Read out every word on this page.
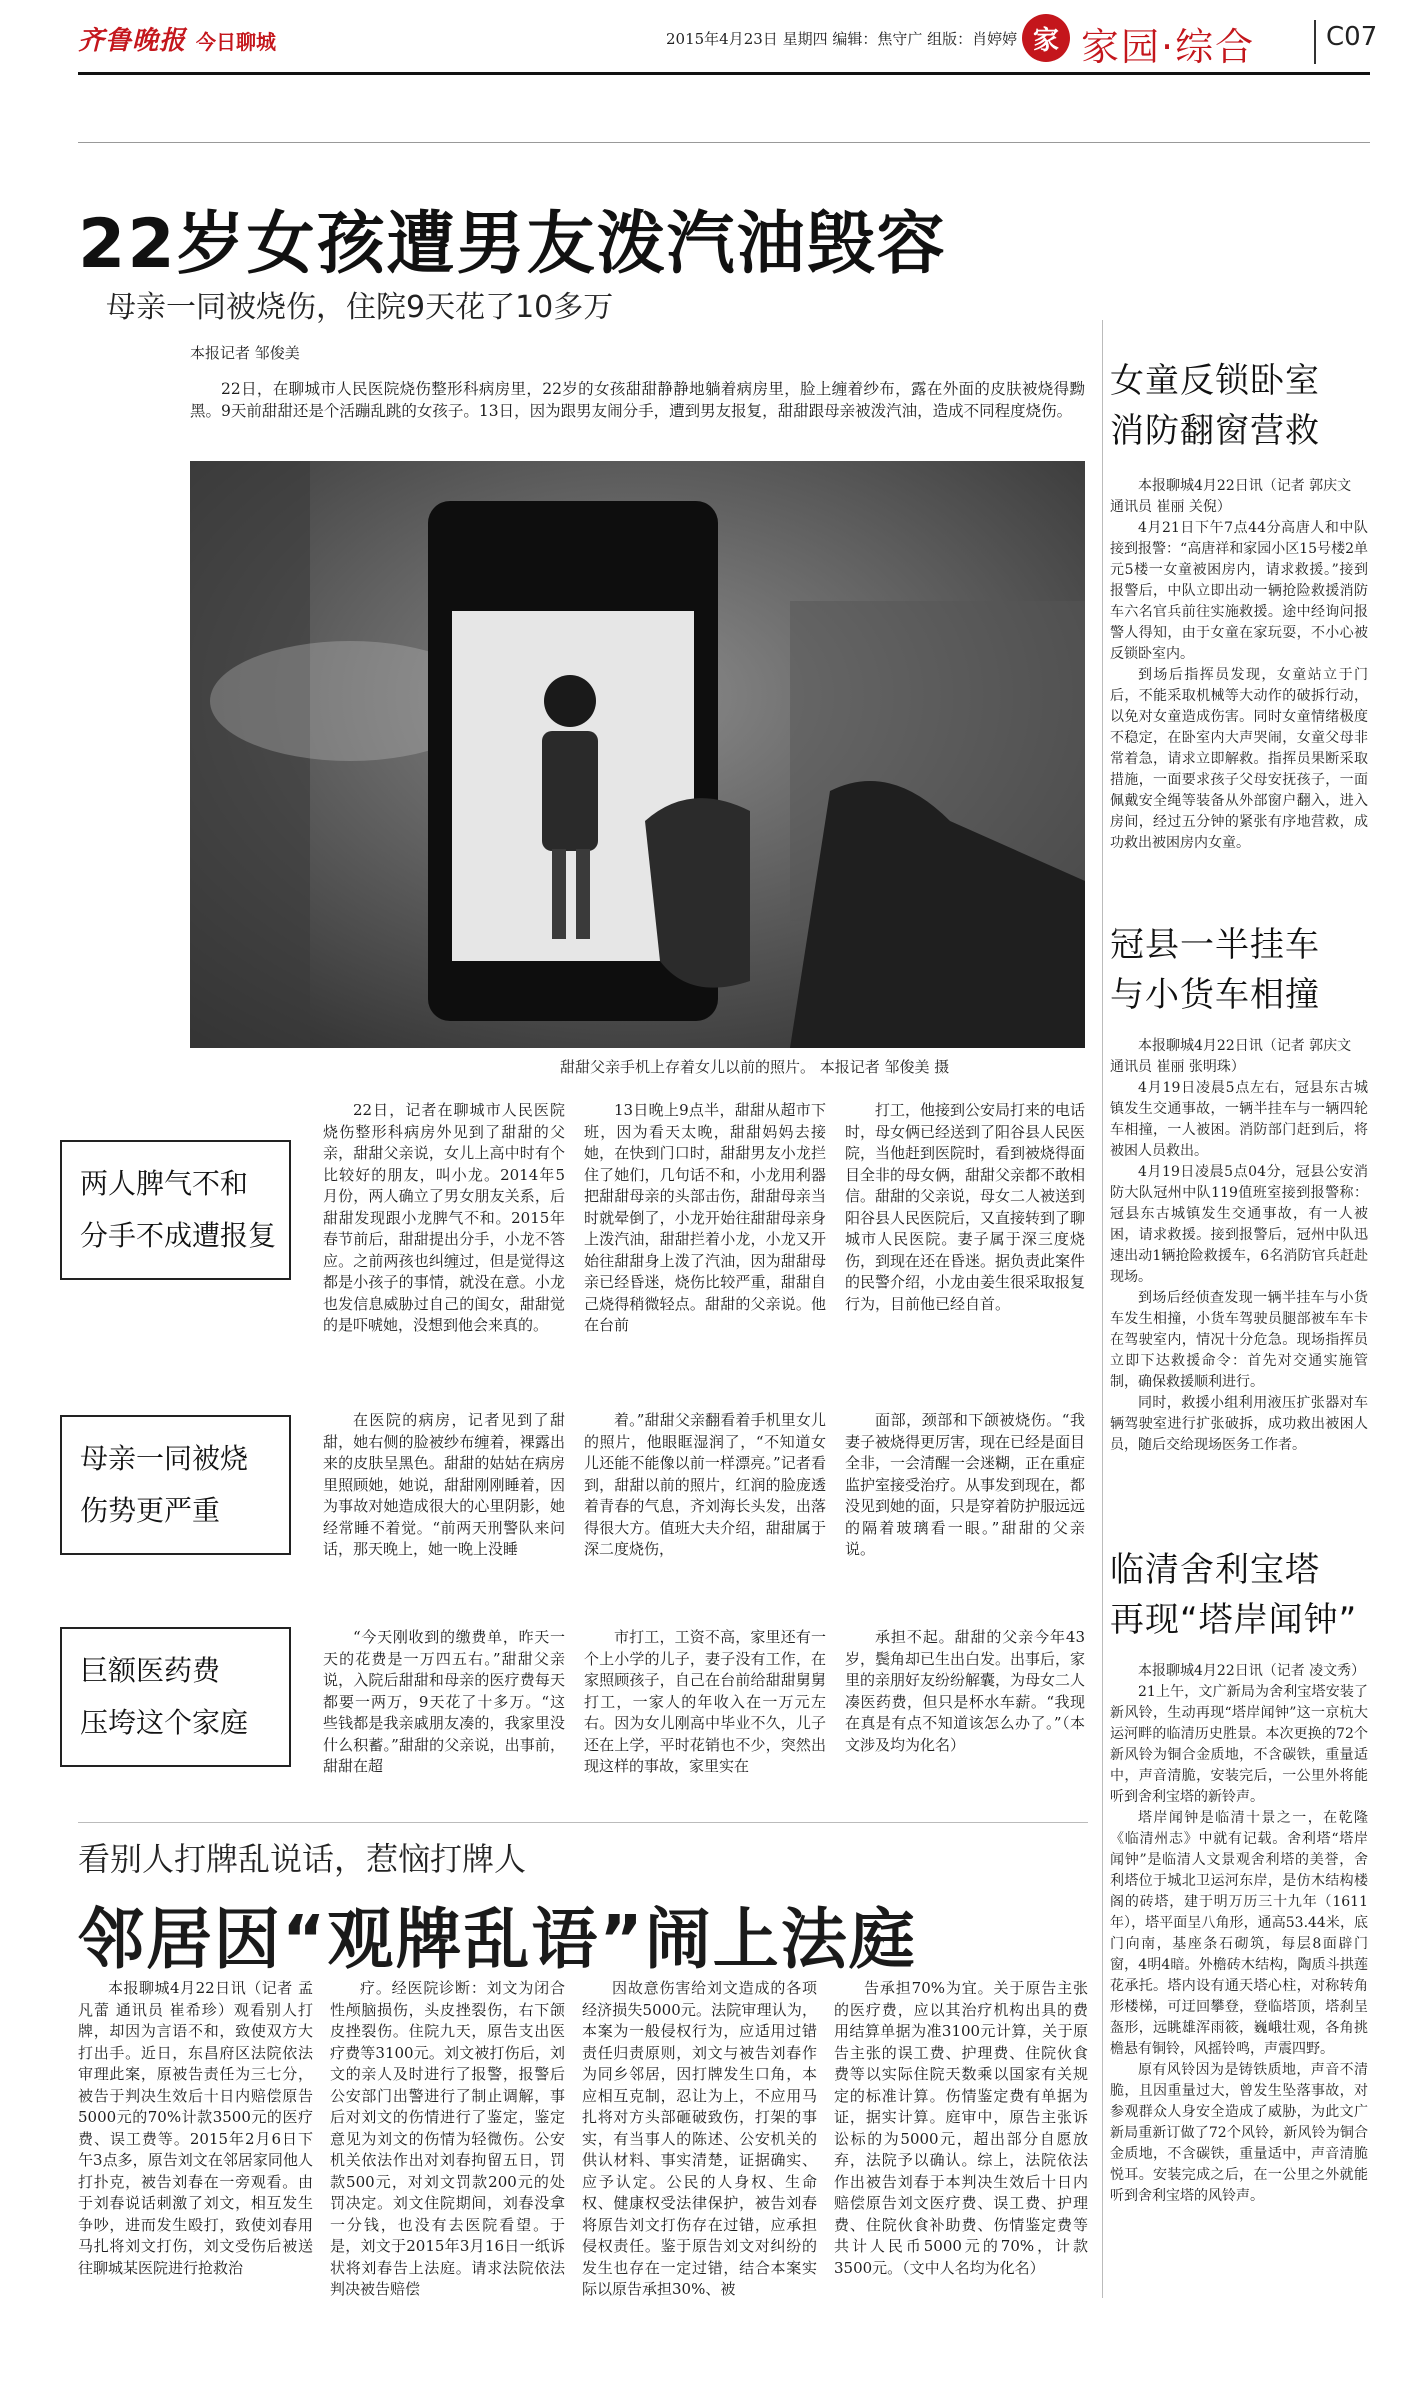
齐鲁晚报 今日聊城	2015年4月23日 星期四 编辑：焦守广 组版：肖婷婷 家 家园·综合	C07
22岁女孩遭男友泼汽油毁容
母亲一同被烧伤，住院9天花了10多万
本报记者 邹俊美
22日，在聊城市人民医院烧伤整形科病房里，22岁的女孩甜甜静静地躺着病房里，脸上缠着纱布，露在外面的皮肤被烧得黝黑。9天前甜甜还是个活蹦乱跳的女孩子。13日，因为跟男友闹分手，遭到男友报复，甜甜跟母亲被泼汽油，造成不同程度烧伤。
甜甜父亲手机上存着女儿以前的照片。 本报记者 邹俊美 摄
两人脾气不和
分手不成遭报复
22日，记者在聊城市人民医院烧伤整形科病房外见到了甜甜的父亲，甜甜父亲说，女儿上高中时有个比较好的朋友，叫小龙。2014年5月份，两人确立了男女朋友关系，后甜甜发现跟小龙脾气不和。2015年春节前后，甜甜提出分手，小龙不答应。之前两孩也纠缠过，但是觉得这都是小孩子的事情，就没在意。小龙也发信息威胁过自己的闺女，甜甜觉的是吓唬她，没想到他会来真的。
13日晚上9点半，甜甜从超市下班，因为看天太晚，甜甜妈妈去接她，在快到门口时，甜甜男友小龙拦住了她们，几句话不和，小龙用利器把甜甜母亲的头部击伤，甜甜母亲当时就晕倒了，小龙开始往甜甜母亲身上泼汽油，甜甜拦着小龙，小龙又开始往甜甜身上泼了汽油，因为甜甜母亲已经昏迷，烧伤比较严重，甜甜自己烧得稍微轻点。甜甜的父亲说。他在台前
打工，他接到公安局打来的电话时，母女俩已经送到了阳谷县人民医院，当他赶到医院时，看到被烧得面目全非的母女俩，甜甜父亲都不敢相信。甜甜的父亲说，母女二人被送到阳谷县人民医院后，又直接转到了聊城市人民医院。妻子属于深三度烧伤，到现在还在昏迷。据负责此案件的民警介绍，小龙由姜生很采取报复行为，目前他已经自首。
母亲一同被烧
伤势更严重
在医院的病房，记者见到了甜甜，她右侧的脸被纱布缠着，裸露出来的皮肤呈黑色。甜甜的姑姑在病房里照顾她，她说，甜甜刚刚睡着，因为事故对她造成很大的心里阴影，她经常睡不着觉。“前两天刑警队来问话，那天晚上，她一晚上没睡
着。”甜甜父亲翻看着手机里女儿的照片，他眼眶湿润了，“不知道女儿还能不能像以前一样漂亮。”记者看到，甜甜以前的照片，红润的脸庞透着青春的气息，齐刘海长头发，出落得很大方。值班大夫介绍，甜甜属于深二度烧伤，
面部，颈部和下颌被烧伤。“我妻子被烧得更厉害，现在已经是面目全非，一会清醒一会迷糊，正在重症监护室接受治疗。从事发到现在，都没见到她的面，只是穿着防护服远远的隔着玻璃看一眼。”甜甜的父亲说。
巨额医药费
压垮这个家庭
“今天刚收到的缴费单，昨天一天的花费是一万四五右。”甜甜父亲说，入院后甜甜和母亲的医疗费每天都要一两万，9天花了十多万。“这些钱都是我亲戚朋友凑的，我家里没什么积蓄。”甜甜的父亲说，出事前，甜甜在超
市打工，工资不高，家里还有一个上小学的儿子，妻子没有工作，在家照顾孩子，自己在台前给甜甜舅舅打工，一家人的年收入在一万元左右。因为女儿刚高中毕业不久，儿子还在上学，平时花销也不少，突然出现这样的事故，家里实在
承担不起。甜甜的父亲今年43岁，鬓角却已生出白发。出事后，家里的亲朋好友纷纷解囊，为母女二人凑医药费，但只是杯水车薪。“我现在真是有点不知道该怎么办了。”（本文涉及均为化名）
看别人打牌乱说话，惹恼打牌人
邻居因“观牌乱语”闹上法庭
本报聊城4月22日讯（记者 孟凡蕾 通讯员 崔希珍）观看别人打牌，却因为言语不和，致使双方大打出手。近日，东昌府区法院依法审理此案，原被告责任为三七分，被告于判决生效后十日内赔偿原告5000元的70%计款3500元的医疗费、误工费等。2015年2月6日下午3点多，原告刘文在邻居家同他人打扑克，被告刘春在一旁观看。由于刘春说话刺激了刘文，相互发生争吵，进而发生殴打，致使刘春用马扎将刘文打伤，刘文受伤后被送往聊城某医院进行抢救治
疗。经医院诊断：刘文为闭合性颅脑损伤，头皮挫裂伤，右下颌皮挫裂伤。住院九天，原告支出医疗费等3100元。刘文被打伤后，刘文的亲人及时进行了报警，报警后公安部门出警进行了制止调解，事后对刘文的伤情进行了鉴定，鉴定意见为刘文的伤情为轻微伤。公安机关依法作出对刘春拘留五日，罚款500元，对刘文罚款200元的处罚决定。刘文住院期间，刘春没拿一分钱，也没有去医院看望。于是，刘文于2015年3月16日一纸诉状将刘春告上法庭。请求法院依法判决被告赔偿
因故意伤害给刘文造成的各项经济损失5000元。法院审理认为，本案为一般侵权行为，应适用过错责任归责原则，刘文与被告刘春作为同乡邻居，因打牌发生口角，本应相互克制，忍让为上，不应用马扎将对方头部砸破致伤，打架的事实，有当事人的陈述、公安机关的供认材料、事实清楚，证据确实、应予认定。公民的人身权、生命权、健康权受法律保护，被告刘春将原告刘文打伤存在过错，应承担侵权责任。鉴于原告刘文对纠纷的发生也存在一定过错，结合本案实际以原告承担30%、被
告承担70%为宜。关于原告主张的医疗费，应以其治疗机构出具的费用结算单据为准3100元计算，关于原告主张的误工费、护理费、住院伙食费等以实际住院天数乘以国家有关规定的标准计算。伤情鉴定费有单据为证，据实计算。庭审中，原告主张诉讼标的为5000元，超出部分自愿放弃，法院予以确认。综上，法院依法作出被告刘春于本判决生效后十日内赔偿原告刘文医疗费、误工费、护理费、住院伙食补助费、伤情鉴定费等共计人民币5000元的70%，计款3500元。（文中人名均为化名）
女童反锁卧室
消防翻窗营救
本报聊城4月22日讯（记者 郭庆文 通讯员 崔丽 关倪）
4月21日下午7点44分高唐人和中队接到报警：“高唐祥和家园小区15号楼2单元5楼一女童被困房内，请求救援。”接到报警后，中队立即出动一辆抢险救援消防车六名官兵前往实施救援。途中经询问报警人得知，由于女童在家玩耍，不小心被反锁卧室内。
到场后指挥员发现，女童站立于门后，不能采取机械等大动作的破拆行动，以免对女童造成伤害。同时女童情绪极度不稳定，在卧室内大声哭闹，女童父母非常着急，请求立即解救。指挥员果断采取措施，一面要求孩子父母安抚孩子，一面佩戴安全绳等装备从外部窗户翻入，进入房间，经过五分钟的紧张有序地营救，成功救出被困房内女童。
冠县一半挂车
与小货车相撞
本报聊城4月22日讯（记者 郭庆文 通讯员 崔丽 张明珠）
4月19日凌晨5点左右，冠县东古城镇发生交通事故，一辆半挂车与一辆四轮车相撞，一人被困。消防部门赶到后，将被困人员救出。
4月19日凌晨5点04分，冠县公安消防大队冠州中队119值班室接到报警称：冠县东古城镇发生交通事故，有一人被困，请求救援。接到报警后，冠州中队迅速出动1辆抢险救援车，6名消防官兵赶赴现场。
到场后经侦查发现一辆半挂车与小货车发生相撞，小货车驾驶员腿部被车车卡在驾驶室内，情况十分危急。现场指挥员立即下达救援命令：首先对交通实施管制，确保救援顺利进行。
同时，救援小组利用液压扩张器对车辆驾驶室进行扩张破拆，成功救出被困人员，随后交给现场医务工作者。
临清舍利宝塔
再现“塔岸闻钟”
本报聊城4月22日讯（记者 凌文秀）
21上午，文广新局为舍利宝塔安装了新风铃，生动再现“塔岸闻钟”这一京杭大运河畔的临清历史胜景。本次更换的72个新风铃为铜合金质地，不含碳铁，重量适中，声音清脆，安装完后，一公里外将能听到舍利宝塔的新铃声。
塔岸闻钟是临清十景之一，在乾隆《临清州志》中就有记载。舍利塔“塔岸闻钟”是临清人文景观舍利塔的美誉，舍利塔位于城北卫运河东岸，是仿木结构楼阁的砖塔，建于明万历三十九年（1611年），塔平面呈八角形，通高53.44米，底门向南，基座条石砌筑，每层8面辟门窗，4明4暗。外檐砖木结构，陶质斗拱莲花承托。塔内设有通天塔心柱，对称转角形楼梯，可迂回攀登，登临塔顶，塔刹呈盔形，远眺雄浑雨筱，巍峨壮观，各角挑檐悬有铜铃，风摇铃鸣，声震四野。
原有风铃因为是铸铁质地，声音不清脆，且因重量过大，曾发生坠落事故，对参观群众人身安全造成了威胁，为此文广新局重新订做了72个风铃，新风铃为铜合金质地，不含碳铁，重量适中，声音清脆悦耳。安装完成之后，在一公里之外就能听到舍利宝塔的风铃声。
